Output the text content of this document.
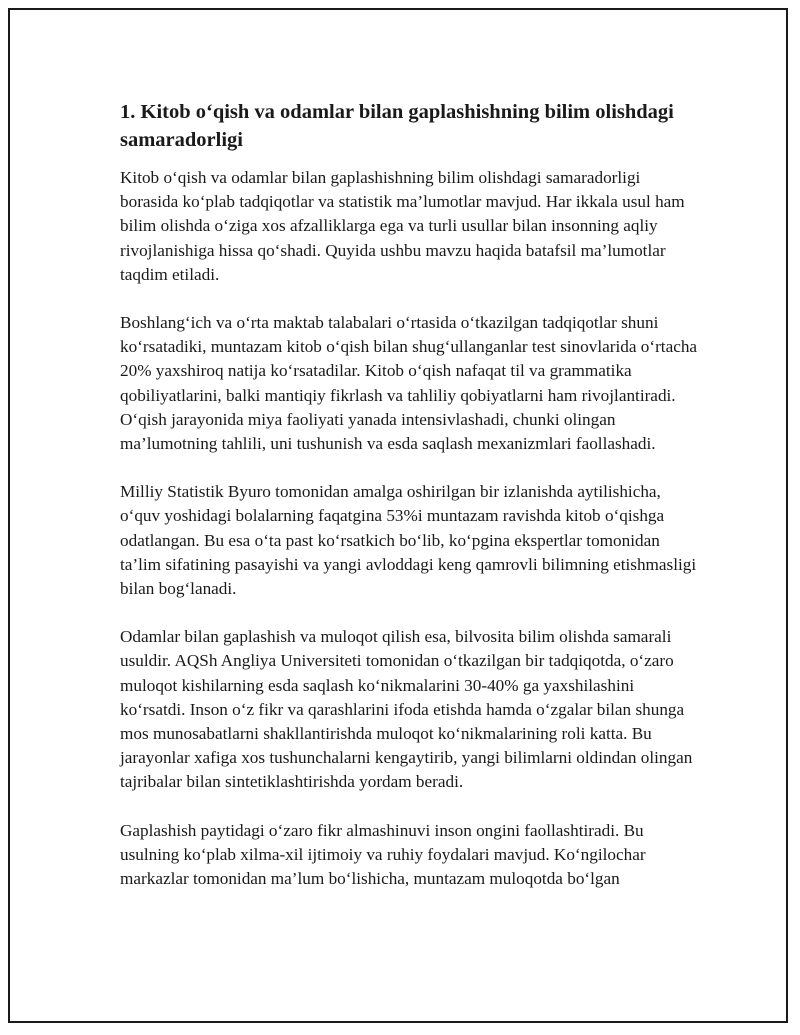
1. Kitob o‘qish va odamlar bilan gaplashishning bilim olishdagi samaradorligi

Kitob o‘qish va odamlar bilan gaplashishning bilim olishdagi samaradorligi borasida ko‘plab tadqiqotlar va statistik ma’lumotlar mavjud. Har ikkala usul ham bilim olishda o‘ziga xos afzalliklarga ega va turli usullar bilan insonning aqliy rivojlanishiga hissa qo‘shadi. Quyida ushbu mavzu haqida batafsil ma’lumotlar taqdim etiladi.

Boshlang‘ich va o‘rta maktab talabalari o‘rtasida o‘tkazilgan tadqiqotlar shuni ko‘rsatadiki, muntazam kitob o‘qish bilan shug‘ullanganlar test sinovlarida o‘rtacha 20% yaxshiroq natija ko‘rsatadilar. Kitob o‘qish nafaqat til va grammatika qobiliyatlarini, balki mantiqiy fikrlash va tahliliy qobiyatlarni ham rivojlantiradi. O‘qish jarayonida miya faoliyati yanada intensivlashadi, chunki olingan ma’lumotning tahlili, uni tushunish va esda saqlash mexanizmlari faollashadi.

Milliy Statistik Byuro tomonidan amalga oshirilgan bir izlanishda aytilishicha, o‘quv yoshidagi bolalarning faqatgina 53%i muntazam ravishda kitob o‘qishga odatlangan. Bu esa o‘ta past ko‘rsatkich bo‘lib, ko‘pgina ekspertlar tomonidan ta’lim sifatining pasayishi va yangi avloddagi keng qamrovli bilimning etishmasligi bilan bog‘lanadi.

Odamlar bilan gaplashish va muloqot qilish esa, bilvosita bilim olishda samarali usuldir. AQSh Angliya Universiteti tomonidan o‘tkazilgan bir tadqiqotda, o‘zaro muloqot kishilarning esda saqlash ko‘nikmalarini 30-40% ga yaxshilashini ko‘rsatdi. Inson o‘z fikr va qarashlarini ifoda etishda hamda o‘zgalar bilan shunga mos munosabatlarni shakllantirishda muloqot ko‘nikmalarining roli katta. Bu jarayonlar xafiga xos tushunchalarni kengaytirib, yangi bilimlarni oldindan olingan tajribalar bilan sintetiklashtirishda yordam beradi.

Gaplashish paytidagi o‘zaro fikr almashinuvi inson ongini faollashtiradi. Bu usulning ko‘plab xilma-xil ijtimoiy va ruhiy foydalari mavjud. Ko‘ngilochar markazlar tomonidan ma’lum bo‘lishicha, muntazam muloqotda bo‘lgan
